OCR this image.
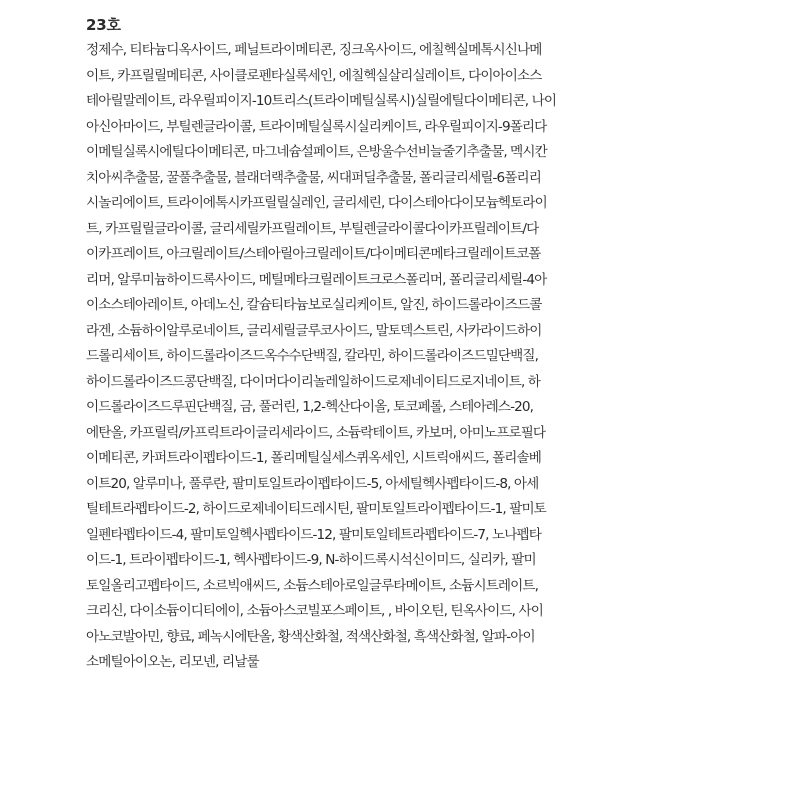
23호
정제수, 티타늄디옥사이드, 페닐트라이메티콘, 징크옥사이드, 에칠헥실메톡시신나메
이트, 카프릴릴메티콘, 사이클로펜타실록세인, 에칠헥실살리실레이트, 다이아이소스
테아릴말레이트, 라우릴피이지-10트리스(트라이메틸실록시)실릴에틸다이메티콘, 나이
아신아마이드, 부틸렌글라이콜, 트라이메틸실록시실리케이트, 라우릴피이지-9폴리다
이메틸실록시에틸다이메티콘, 마그네슘설페이트, 은방울수선비늘줄기추출물, 멕시칸
치아씨추출물, 꿀풀추출물, 블래더랙추출물, 씨대퍼딜추출물, 폴리글리세릴-6폴리리
시놀리에이트, 트라이에톡시카프릴릴실레인, 글리세린, 다이스테아다이모늄헥토라이
트, 카프릴릴글라이콜, 글리세릴카프릴레이트, 부틸렌글라이콜다이카프릴레이트/다
이카프레이트, 아크릴레이트/스테아릴아크릴레이트/다이메티콘메타크릴레이트코폴
리머, 알루미늄하이드록사이드, 메틸메타크릴레이트크로스폴리머, 폴리글리세릴-4아
이소스테아레이트, 아데노신, 칼슘티타늄보로실리케이트, 알진, 하이드롤라이즈드콜
라겐, 소듐하이알루로네이트, 글리세릴글루코사이드, 말토덱스트린, 사카라이드하이
드롤리세이트, 하이드롤라이즈드옥수수단백질, 칼라민, 하이드롤라이즈드밀단백질,
하이드롤라이즈드콩단백질, 다이머다이리놀레일하이드로제네이티드로지네이트, 하
이드롤라이즈드루핀단백질, 금, 풀러린, 1,2-헥산다이올, 토코페롤, 스테아레스-20,
에탄올, 카프릴릭/카프릭트라이글리세라이드, 소듐락테이트, 카보머, 아미노프로필다
이메티콘, 카퍼트라이펩타이드-1, 폴리메틸실세스퀴옥세인, 시트릭애씨드, 폴리솔베
이트20, 알루미나, 풀루란, 팔미토일트라이펩타이드-5, 아세틸헥사펩타이드-8, 아세
틸테트라펩타이드-2, 하이드로제네이티드레시틴, 팔미토일트라이펩타이드-1, 팔미토
일펜타펩타이드-4, 팔미토일헥사펩타이드-12, 팔미토일테트라펩타이드-7, 노나펩타
이드-1, 트라이펩타이드-1, 헥사펩타이드-9, N-하이드록시석신이미드, 실리카, 팔미
토일올리고펩타이드, 소르빅애씨드, 소듐스테아로일글루타메이트, 소듐시트레이트,
크리신, 다이소듐이디티에이, 소듐아스코빌포스페이트, , 바이오틴, 틴옥사이드, 사이
아노코발아민, 향료, 페녹시에탄올, 황색산화철, 적색산화철, 흑색산화철, 알파-아이
소메틸아이오논, 리모넨, 리날룰
